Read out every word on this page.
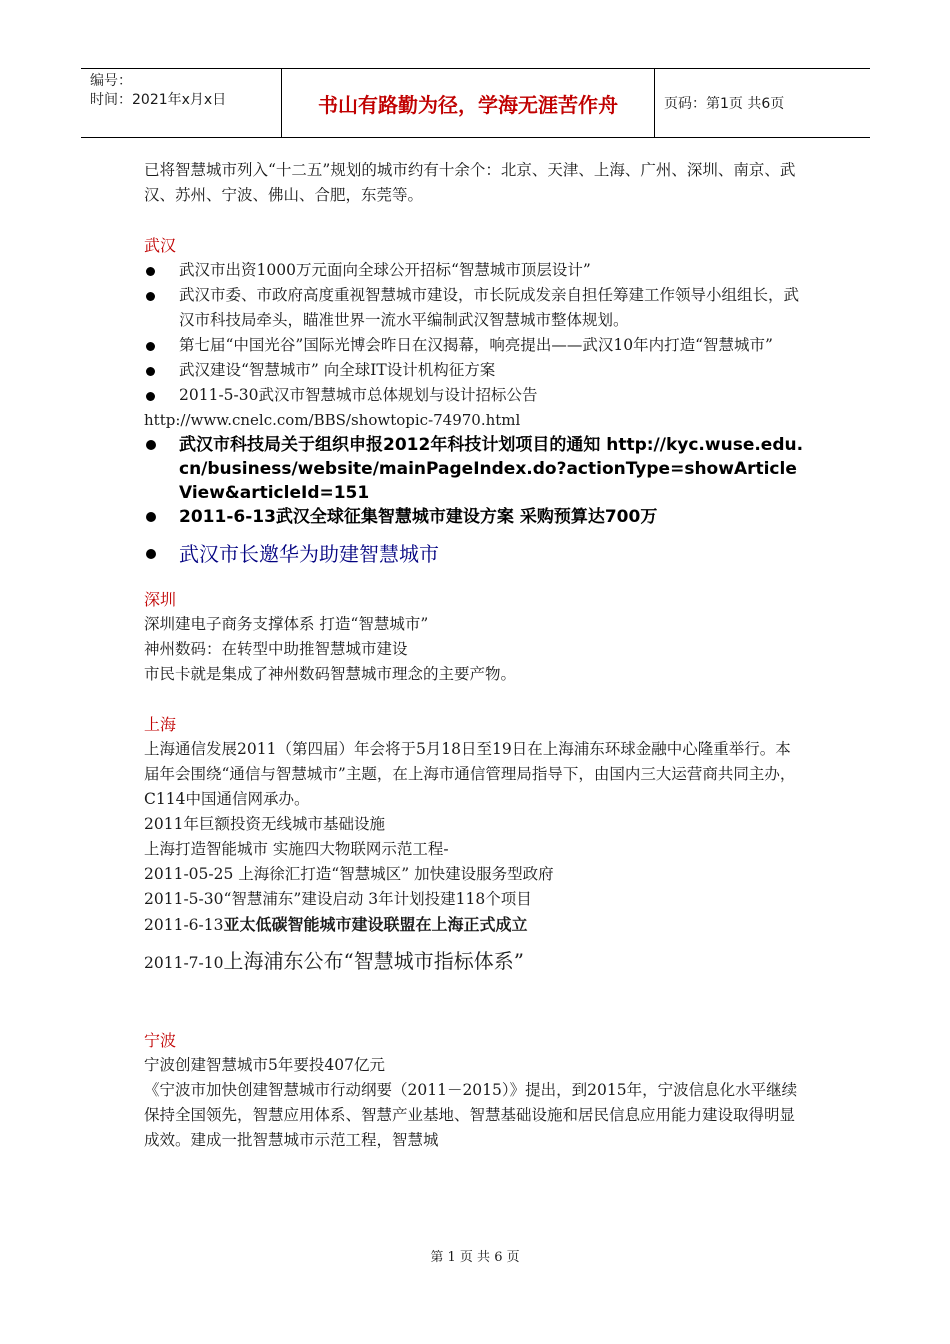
编号：
时间：2021年x月x日	书山有路勤为径，学海无涯苦作舟	页码：第1页 共6页

已将智慧城市列入“十二五”规划的城市约有十余个：北京、天津、上海、广州、深圳、南京、武汉、苏州、宁波、佛山、合肥，东莞等。

武汉

武汉市出资1000万元面向全球公开招标“智慧城市顶层设计”
武汉市委、市政府高度重视智慧城市建设，市长阮成发亲自担任筹建工作领导小组组长，武汉市科技局牵头，瞄准世界一流水平编制武汉智慧城市整体规划。
第七届“中国光谷”国际光博会昨日在汉揭幕，响亮提出——武汉10年内打造“智慧城市”
武汉建设“智慧城市” 向全球IT设计机构征方案
2011-5-30武汉市智慧城市总体规划与设计招标公告

http://www.cnelc.com/BBS/showtopic-74970.html

武汉市科技局关于组织申报2012年科技计划项目的通知 http://kyc.wuse.edu.cn/business/website/mainPageIndex.do?actionType=showArticleView&articleId=151
2011-6-13武汉全球征集智慧城市建设方案 采购预算达700万
武汉市长邀华为助建智慧城市

深圳

深圳建电子商务支撑体系 打造“智慧城市”

神州数码：在转型中助推智慧城市建设

市民卡就是集成了神州数码智慧城市理念的主要产物。

上海

上海通信发展2011（第四届）年会将于5月18日至19日在上海浦东环球金融中心隆重举行。本届年会围绕“通信与智慧城市”主题，在上海市通信管理局指导下，由国内三大运营商共同主办，C114中国通信网承办。

2011年巨额投资无线城市基础设施

上海打造智能城市 实施四大物联网示范工程-

2011-05-25 上海徐汇打造“智慧城区” 加快建设服务型政府

2011-5-30“智慧浦东”建设启动 3年计划投建118个项目

2011-6-13亚太低碳智能城市建设联盟在上海正式成立

2011-7-10上海浦东公布“智慧城市指标体系”

宁波

宁波创建智慧城市5年要投407亿元

《宁波市加快创建智慧城市行动纲要（2011－2015）》提出，到2015年，宁波信息化水平继续保持全国领先，智慧应用体系、智慧产业基地、智慧基础设施和居民信息应用能力建设取得明显成效。建成一批智慧城市示范工程，智慧城

第 1 页 共 6 页
